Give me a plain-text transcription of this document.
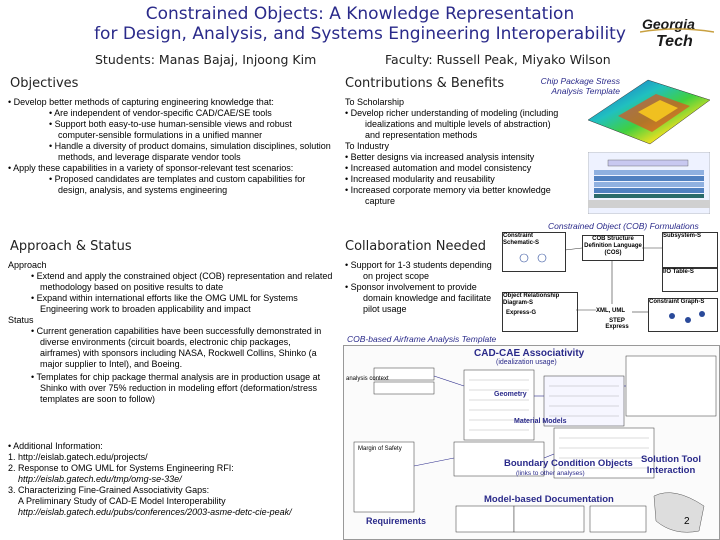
Constrained Objects: A Knowledge Representation
for Design, Analysis, and Systems Engineering Interoperability
Students: Manas Bajaj, Injoong Kim	Faculty: Russell Peak, Miyako Wilson
Georgia
Tech
Objectives
• Develop better methods of capturing engineering knowledge that:
• Are independent of vendor-specific CAD/CAE/SE tools
• Support both easy-to-use human-sensible views and robust computer-sensible formulations in a unified manner
• Handle a diversity of product domains, simulation disciplines, solution methods, and leverage disparate vendor tools
• Apply these capabilities in a variety of sponsor-relevant test scenarios:
• Proposed candidates are templates and custom capabilities for design, analysis, and systems engineering
Approach & Status
Approach
• Extend and apply the constrained object (COB) representation and related methodology based on positive results to date
• Expand within international efforts like the OMG UML for Systems Engineering work to broaden applicability and impact
Status
• Current generation capabilities have been successfully demonstrated in diverse environments (circuit boards, electronic chip packages, airframes) with sponsors including NASA, Rockwell Collins, Shinko (a major supplier to Intel), and Boeing.
• Templates for chip package thermal analysis are in production usage at Shinko with over 75% reduction in modeling effort (deformation/stress templates are soon to follow)
• Additional Information:
1. http://eislab.gatech.edu/projects/
2. Response to OMG UML for Systems Engineering RFI:
http://eislab.gatech.edu/tmp/omg-se-33e/
3. Characterizing Fine-Grained Associativity Gaps:
A Preliminary Study of CAD-E Model Interoperability
http://eislab.gatech.edu/pubs/conferences/2003-asme-detc-cie-peak/
Contributions & Benefits
To Scholarship
• Develop richer understanding of modeling (including idealizations and multiple levels of abstraction) and representation methods
To Industry
• Better designs via increased analysis intensity
• Increased automation and model consistency
• Increased modularity and reusability
• Increased corporate memory via better knowledge capture
Chip Package Stress Analysis Template
Constrained Object (COB) Formulations
Constraint Schematic-S
COB Structure Definition Language (COS)
Subsystem-S
I/O Table-S
Object Relationship Diagram-S	Constraint Graph-S
Express-G	XML, UML
STEP Express
Collaboration Needed
• Support for 1-3 students depending on project scope
• Sponsor involvement to provide domain knowledge and facilitate pilot usage
COB-based Airframe Analysis Template
CAD-CAE Associativity
(idealization usage)
Boundary Condition Objects
(links to other analyses)
Solution Tool Interaction
Requirements
Model-based Documentation
Material Models
Geometry
Margin of Safety
analysis context
2
